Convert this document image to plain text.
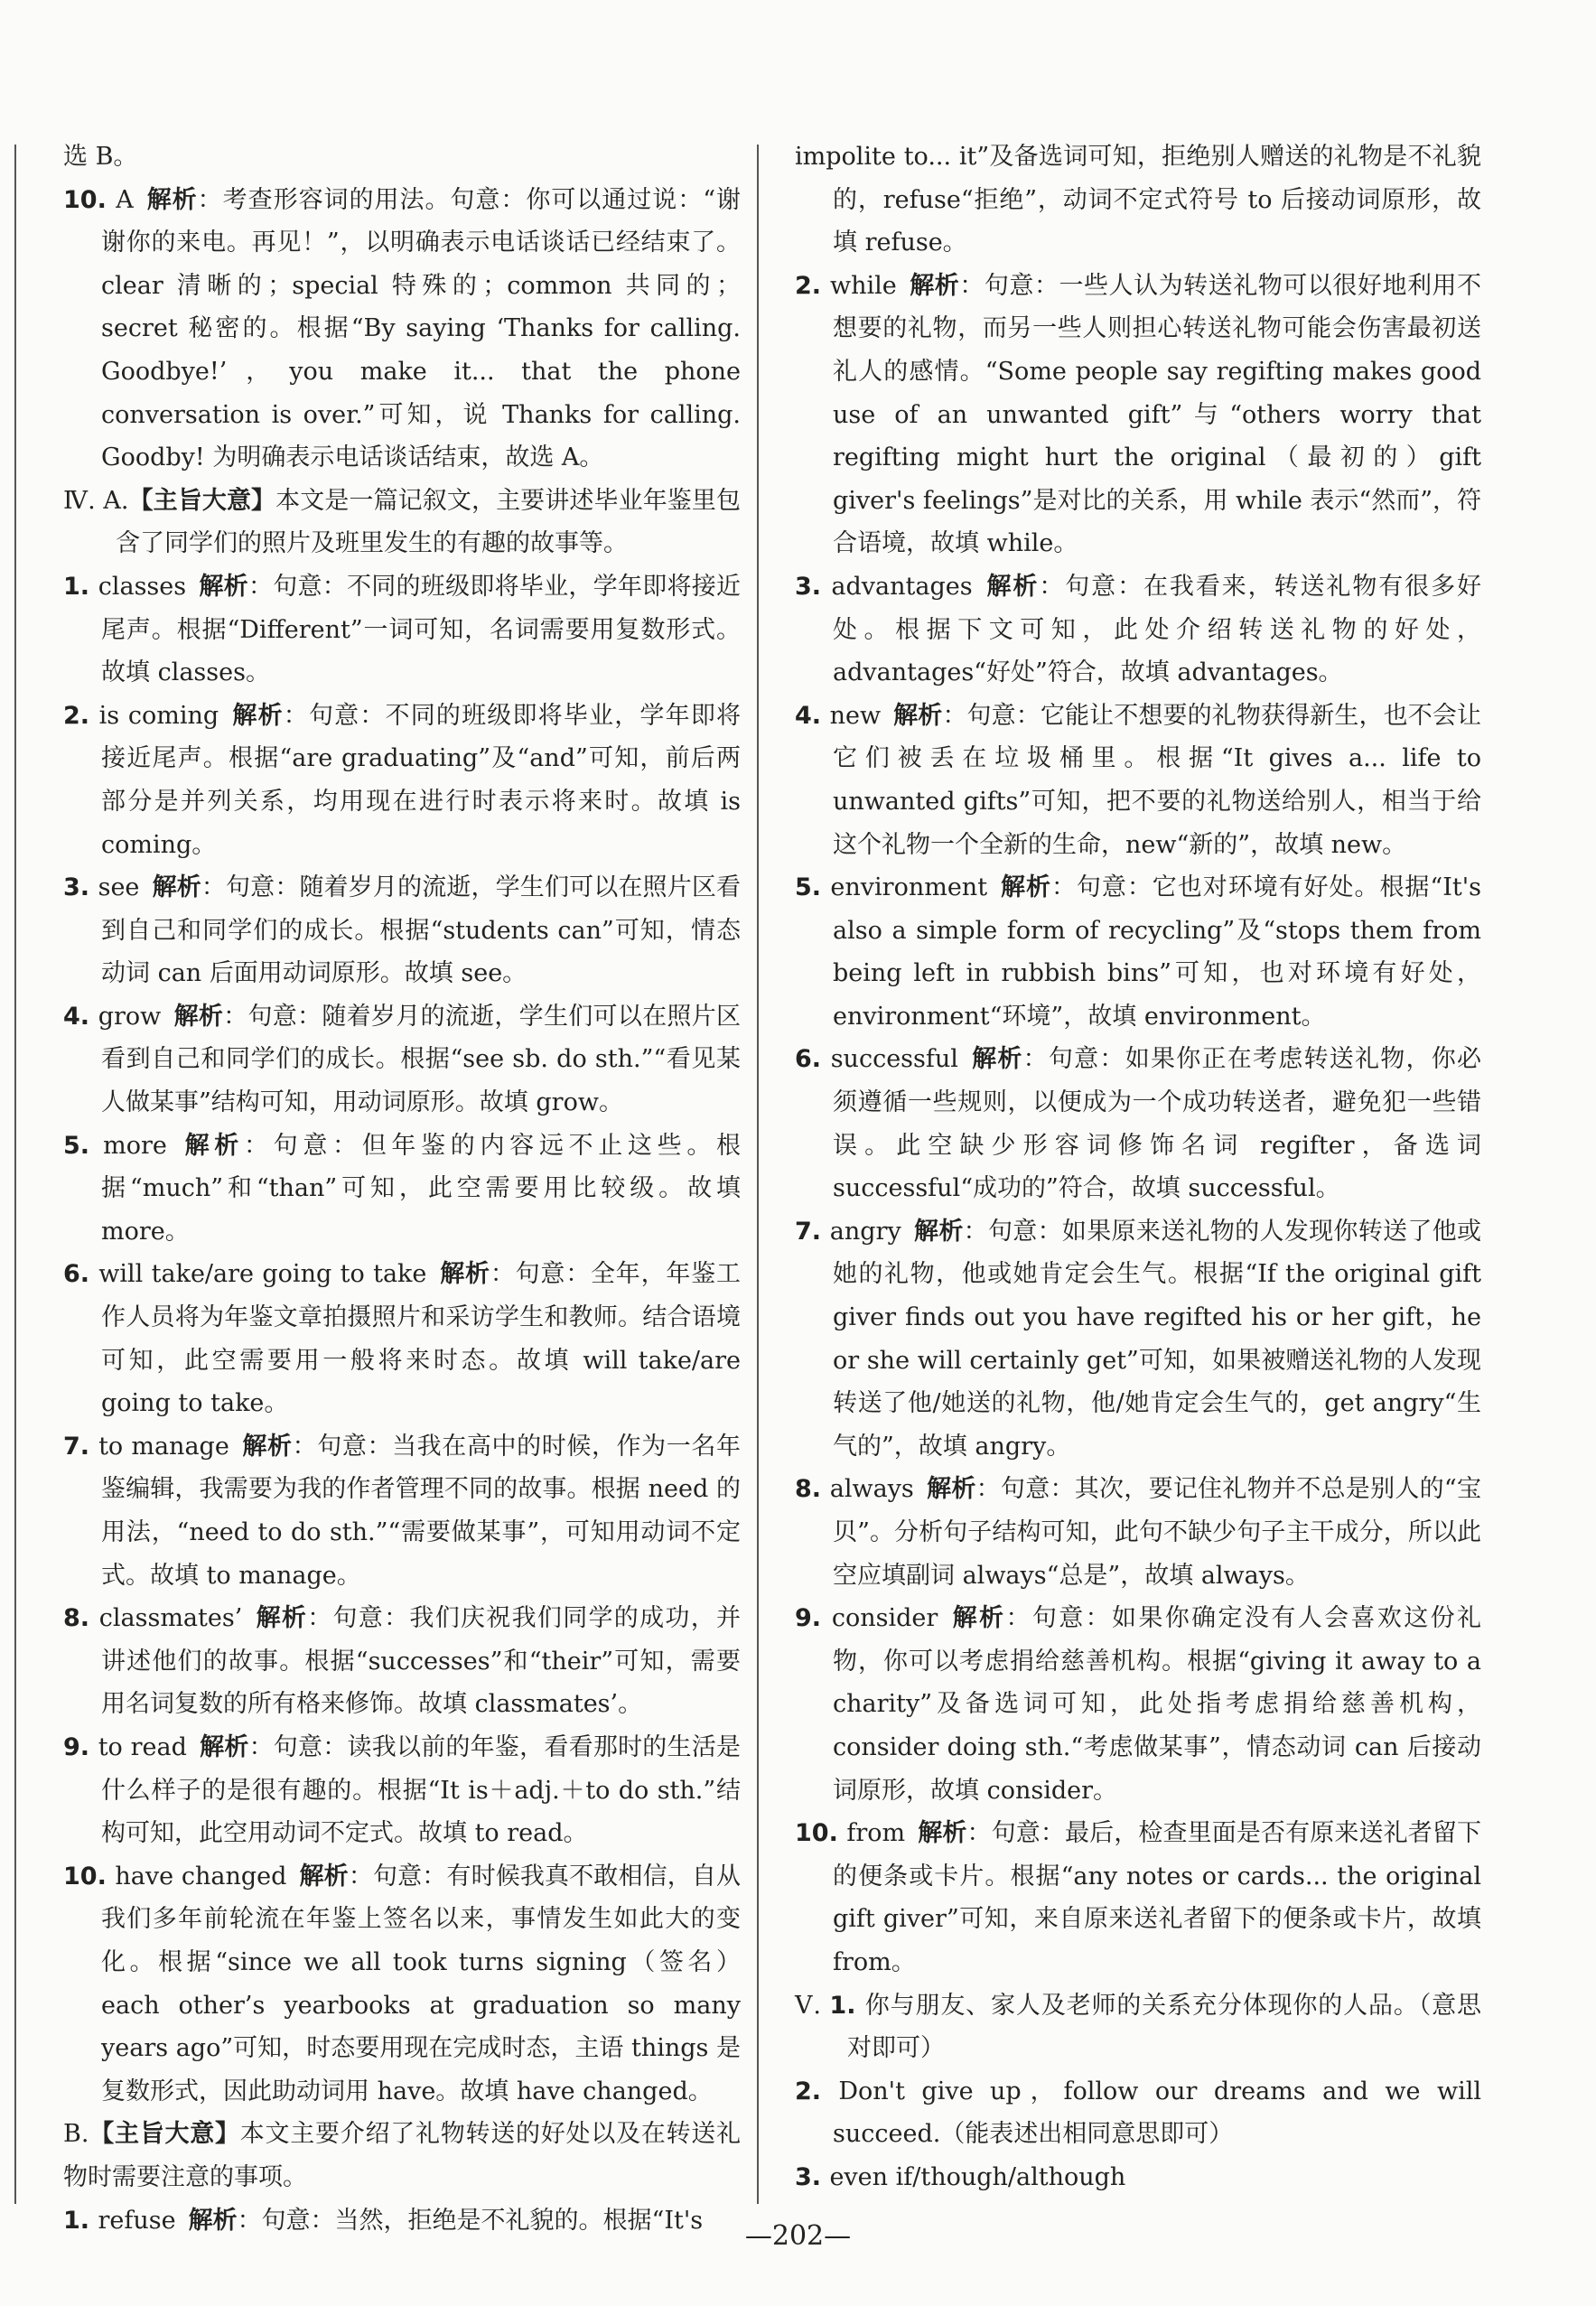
选 B。
10. A 解析：考查形容词的用法。句意：你可以通过说：“谢谢你的来电。再见！”，以明确表示电话谈话已经结束了。clear 清晰的；special 特殊的；common 共同的；secret 秘密的。根据“By saying ‘Thanks for calling. Goodbye!’，you make it... that the phone conversation is over.”可知，说 Thanks for calling. Goodby! 为明确表示电话谈话结束，故选 A。
Ⅳ. A.【主旨大意】本文是一篇记叙文，主要讲述毕业年鉴里包含了同学们的照片及班里发生的有趣的故事等。
1. classes 解析：句意：不同的班级即将毕业，学年即将接近尾声。根据“Different”一词可知，名词需要用复数形式。故填 classes。
2. is coming 解析：句意：不同的班级即将毕业，学年即将接近尾声。根据“are graduating”及“and”可知，前后两部分是并列关系，均用现在进行时表示将来时。故填 is coming。
3. see 解析：句意：随着岁月的流逝，学生们可以在照片区看到自己和同学们的成长。根据“students can”可知，情态动词 can 后面用动词原形。故填 see。
4. grow 解析：句意：随着岁月的流逝，学生们可以在照片区看到自己和同学们的成长。根据“see sb. do sth.”“看见某人做某事”结构可知，用动词原形。故填 grow。
5. more 解析：句意：但年鉴的内容远不止这些。根据“much”和“than”可知，此空需要用比较级。故填 more。
6. will take/are going to take 解析：句意：全年，年鉴工作人员将为年鉴文章拍摄照片和采访学生和教师。结合语境可知，此空需要用一般将来时态。故填 will take/are going to take。
7. to manage 解析：句意：当我在高中的时候，作为一名年鉴编辑，我需要为我的作者管理不同的故事。根据 need 的用法，“need to do sth.”“需要做某事”，可知用动词不定式。故填 to manage。
8. classmates’ 解析：句意：我们庆祝我们同学的成功，并讲述他们的故事。根据“successes”和“their”可知，需要用名词复数的所有格来修饰。故填 classmates’。
9. to read 解析：句意：读我以前的年鉴，看看那时的生活是什么样子的是很有趣的。根据“It is＋adj.＋to do sth.”结构可知，此空用动词不定式。故填 to read。
10. have changed 解析：句意：有时候我真不敢相信，自从我们多年前轮流在年鉴上签名以来，事情发生如此大的变化。根据“since we all took turns signing（签名）each other’s yearbooks at graduation so many years ago”可知，时态要用现在完成时态，主语 things 是复数形式，因此助动词用 have。故填 have changed。
B.【主旨大意】本文主要介绍了礼物转送的好处以及在转送礼物时需要注意的事项。
1. refuse 解析：句意：当然，拒绝是不礼貌的。根据“It's
impolite to... it”及备选词可知，拒绝别人赠送的礼物是不礼貌的，refuse“拒绝”，动词不定式符号 to 后接动词原形，故填 refuse。
2. while 解析：句意：一些人认为转送礼物可以很好地利用不想要的礼物，而另一些人则担心转送礼物可能会伤害最初送礼人的感情。“Some people say regifting makes good use of an unwanted gift”与“others worry that regifting might hurt the original（最初的）gift giver's feelings”是对比的关系，用 while 表示“然而”，符合语境，故填 while。
3. advantages 解析：句意：在我看来，转送礼物有很多好处。根据下文可知，此处介绍转送礼物的好处，advantages“好处”符合，故填 advantages。
4. new 解析：句意：它能让不想要的礼物获得新生，也不会让它们被丢在垃圾桶里。根据“It gives a... life to unwanted gifts”可知，把不要的礼物送给别人，相当于给这个礼物一个全新的生命，new“新的”，故填 new。
5. environment 解析：句意：它也对环境有好处。根据“It's also a simple form of recycling”及“stops them from being left in rubbish bins”可知，也对环境有好处，environment“环境”，故填 environment。
6. successful 解析：句意：如果你正在考虑转送礼物，你必须遵循一些规则，以便成为一个成功转送者，避免犯一些错误。此空缺少形容词修饰名词 regifter，备选词 successful“成功的”符合，故填 successful。
7. angry 解析：句意：如果原来送礼物的人发现你转送了他或她的礼物，他或她肯定会生气。根据“If the original gift giver finds out you have regifted his or her gift，he or she will certainly get”可知，如果被赠送礼物的人发现转送了他/她送的礼物，他/她肯定会生气的，get angry“生气的”，故填 angry。
8. always 解析：句意：其次，要记住礼物并不总是别人的“宝贝”。分析句子结构可知，此句不缺少句子主干成分，所以此空应填副词 always“总是”，故填 always。
9. consider 解析：句意：如果你确定没有人会喜欢这份礼物，你可以考虑捐给慈善机构。根据“giving it away to a charity”及备选词可知，此处指考虑捐给慈善机构，consider doing sth.“考虑做某事”，情态动词 can 后接动词原形，故填 consider。
10. from 解析：句意：最后，检查里面是否有原来送礼者留下的便条或卡片。根据“any notes or cards... the original gift giver”可知，来自原来送礼者留下的便条或卡片，故填 from。
Ⅴ. 1. 你与朋友、家人及老师的关系充分体现你的人品。（意思对即可）
2. Don't give up，follow our dreams and we will succeed.（能表述出相同意思即可）
3. even if/though/although
—202—
